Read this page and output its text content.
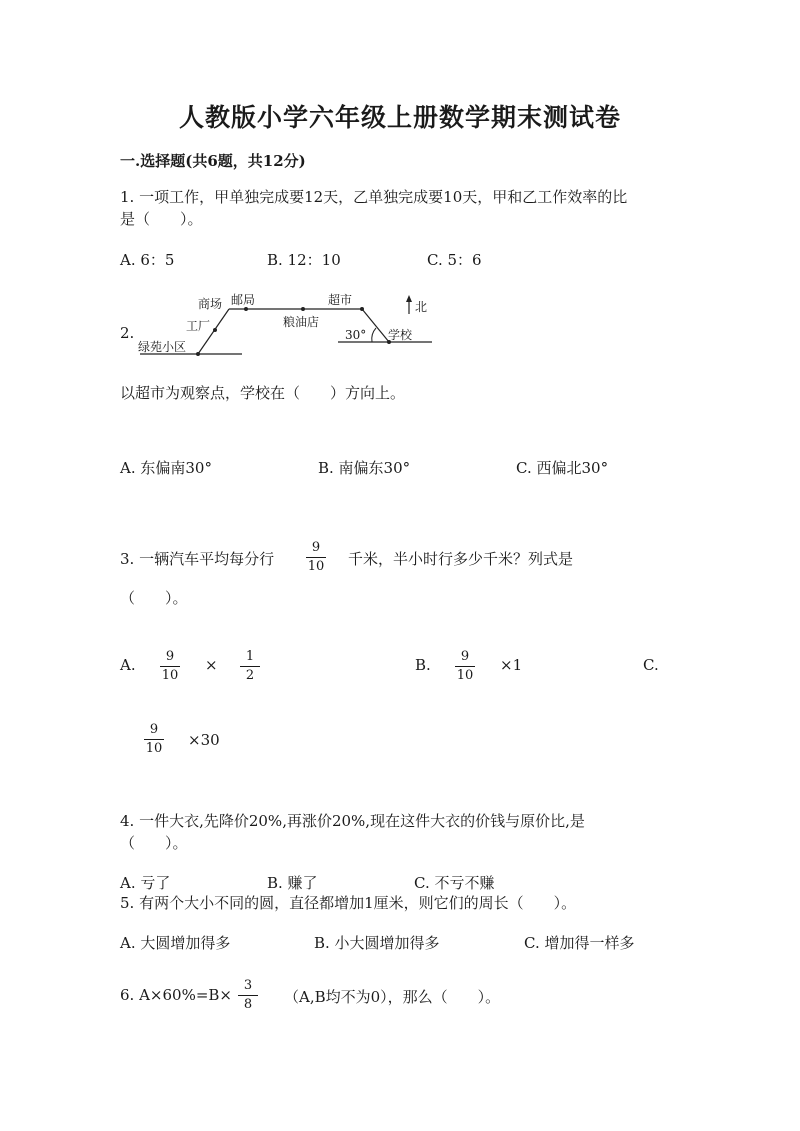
人教版小学六年级上册数学期末测试卷
一.选择题(共6题，共12分)
1. 一项工作，甲单独完成要12天，乙单独完成要10天，甲和乙工作效率的比
是（　　）。
A. 6：5	B. 12：10	C. 5：6
2.
商场 邮局	超市	北
工厂	粮油店
30° 学校
绿苑小区
以超市为观察点，学校在（　　）方向上。
A. 东偏南30°	B. 南偏东30°	C. 西偏北30°
3. 一辆汽车平均每分行
9
10 千米，半小时行多少千米？列式是
（　　）。
A. 9
10
× 1
2
B. 9
10
×1	C.
9
10 ×30
4. 一件大衣,先降价20%,再涨价20%,现在这件大衣的价钱与原价比,是
（　　）。
A. 亏了	B. 赚了	C. 不亏不赚
5. 有两个大小不同的圆，直径都增加1厘米，则它们的周长（　　）。
A. 大圆增加得多	B. 小大圆增加得多	C. 增加得一样多
6. A×60%=B×
3
8 （A,B均不为0），那么（　　）。
